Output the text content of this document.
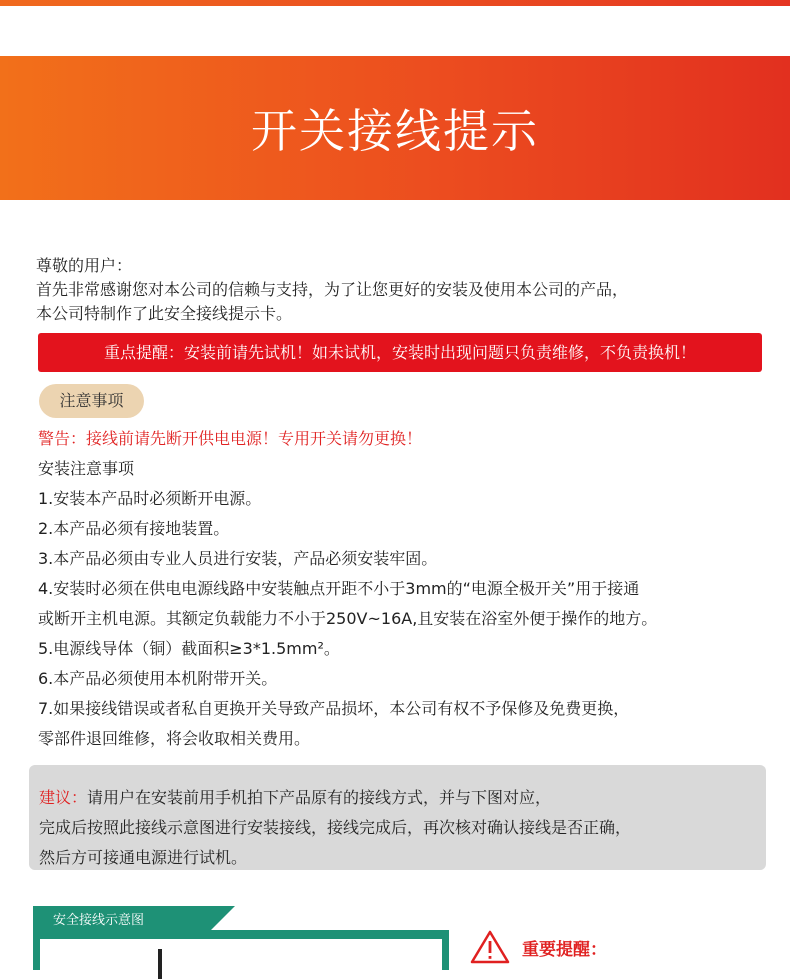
开关接线提示
尊敬的用户：
首先非常感谢您对本公司的信赖与支持，为了让您更好的安装及使用本公司的产品，
本公司特制作了此安全接线提示卡。
重点提醒：安装前请先试机！如未试机，安装时出现问题只负责维修，不负责换机！
注意事项
警告：接线前请先断开供电电源！专用开关请勿更换！
安装注意事项
1.安装本产品时必须断开电源。
2.本产品必须有接地装置。
3.本产品必须由专业人员进行安装，产品必须安装牢固。
4.安装时必须在供电电源线路中安装触点开距不小于3mm的“电源全极开关”用于接通
或断开主机电源。其额定负载能力不小于250V~16A,且安装在浴室外便于操作的地方。
5.电源线导体（铜）截面积≥3*1.5mm²。
6.本产品必须使用本机附带开关。
7.如果接线错误或者私自更换开关导致产品损坏，本公司有权不予保修及免费更换，
零部件退回维修，将会收取相关费用。
建议：请用户在安装前用手机拍下产品原有的接线方式，并与下图对应，
完成后按照此接线示意图进行安装接线，接线完成后，再次核对确认接线是否正确，
然后方可接通电源进行试机。
安全接线示意图
重要提醒：
